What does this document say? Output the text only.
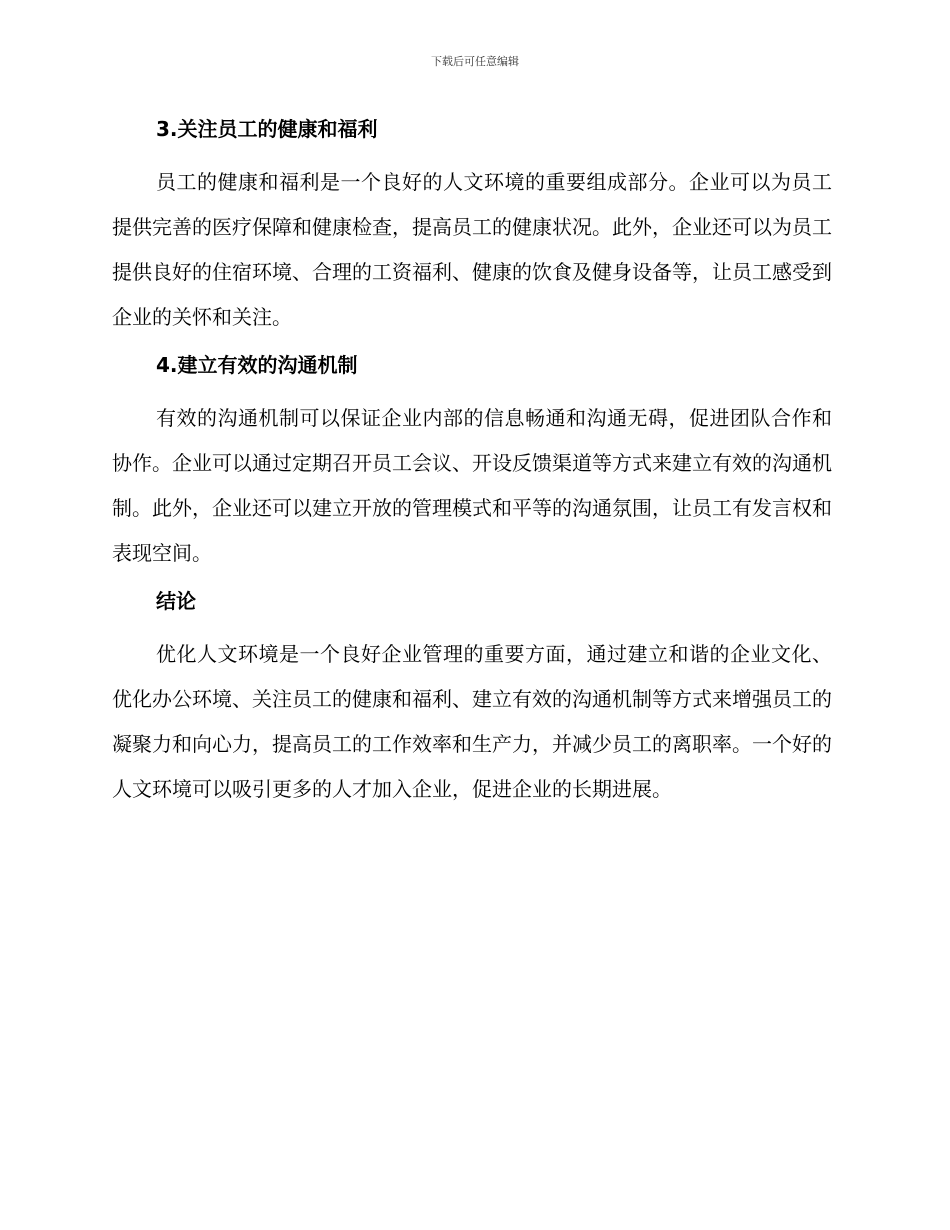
下载后可任意编辑
3.关注员工的健康和福利
员工的健康和福利是一个良好的人文环境的重要组成部分。企业可以为员工提供完善的医疗保障和健康检查，提高员工的健康状况。此外，企业还可以为员工提供良好的住宿环境、合理的工资福利、健康的饮食及健身设备等，让员工感受到企业的关怀和关注。
4.建立有效的沟通机制
有效的沟通机制可以保证企业内部的信息畅通和沟通无碍，促进团队合作和协作。企业可以通过定期召开员工会议、开设反馈渠道等方式来建立有效的沟通机制。此外，企业还可以建立开放的管理模式和平等的沟通氛围，让员工有发言权和表现空间。
结论
优化人文环境是一个良好企业管理的重要方面，通过建立和谐的企业文化、优化办公环境、关注员工的健康和福利、建立有效的沟通机制等方式来增强员工的凝聚力和向心力，提高员工的工作效率和生产力，并减少员工的离职率。一个好的人文环境可以吸引更多的人才加入企业，促进企业的长期进展。
